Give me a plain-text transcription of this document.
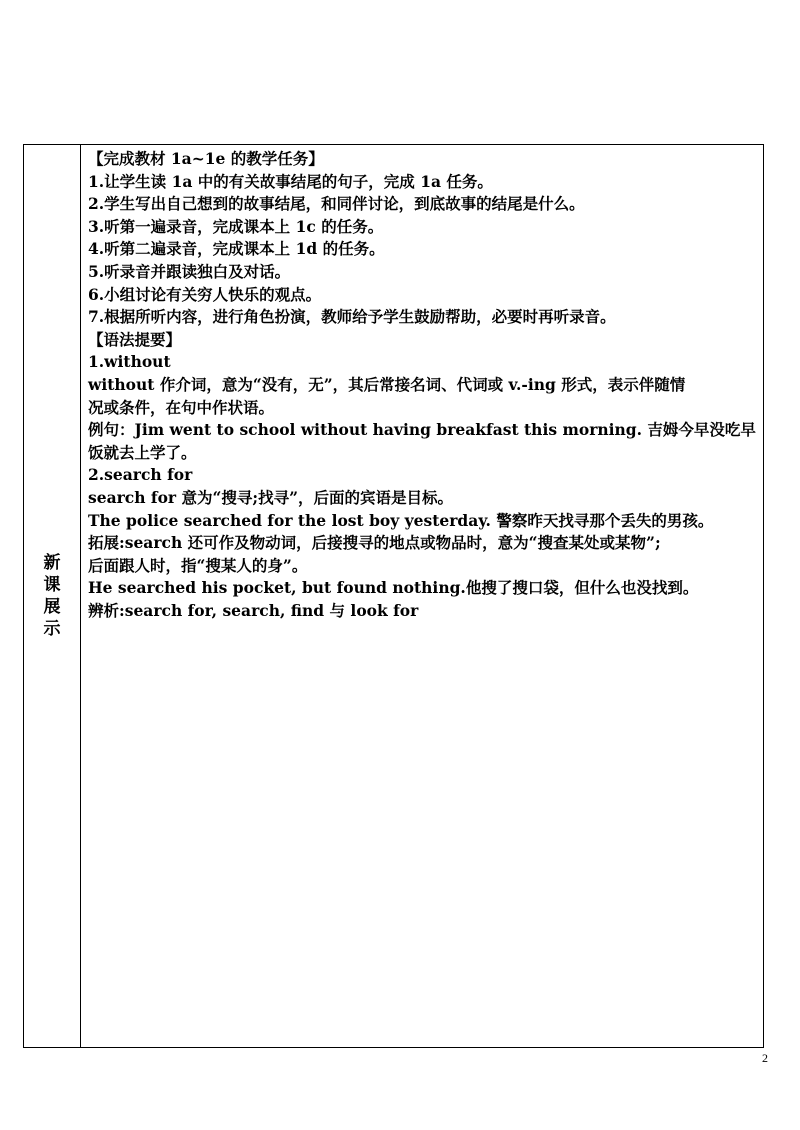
新
课
展
示
【完成教材 1a~1e 的教学任务】
1.让学生读 1a 中的有关故事结尾的句子，完成 1a 任务。
2.学生写出自己想到的故事结尾，和同伴讨论，到底故事的结尾是什么。
3.听第一遍录音，完成课本上 1c 的任务。
4.听第二遍录音，完成课本上 1d 的任务。
5.听录音并跟读独白及对话。
6.小组讨论有关穷人快乐的观点。
7.根据所听内容，进行角色扮演，教师给予学生鼓励帮助，必要时再听录音。
【语法提要】
1.without
without 作介词，意为“没有，无”，其后常接名词、代词或 v.-ing 形式，表示伴随情
况或条件，在句中作状语。
例句：Jim went to school without having breakfast this morning. 吉姆今早没吃早
饭就去上学了。
2.search for
search for 意为“搜寻;找寻”，后面的宾语是目标。
The police searched for the lost boy yesterday. 警察昨天找寻那个丢失的男孩。
拓展:search 还可作及物动词，后接搜寻的地点或物品时，意为“搜查某处或某物”;
后面跟人时，指“搜某人的身”。
He searched his pocket, but found nothing.他搜了搜口袋，但什么也没找到。
辨析:search for, search, find 与 look for
2
